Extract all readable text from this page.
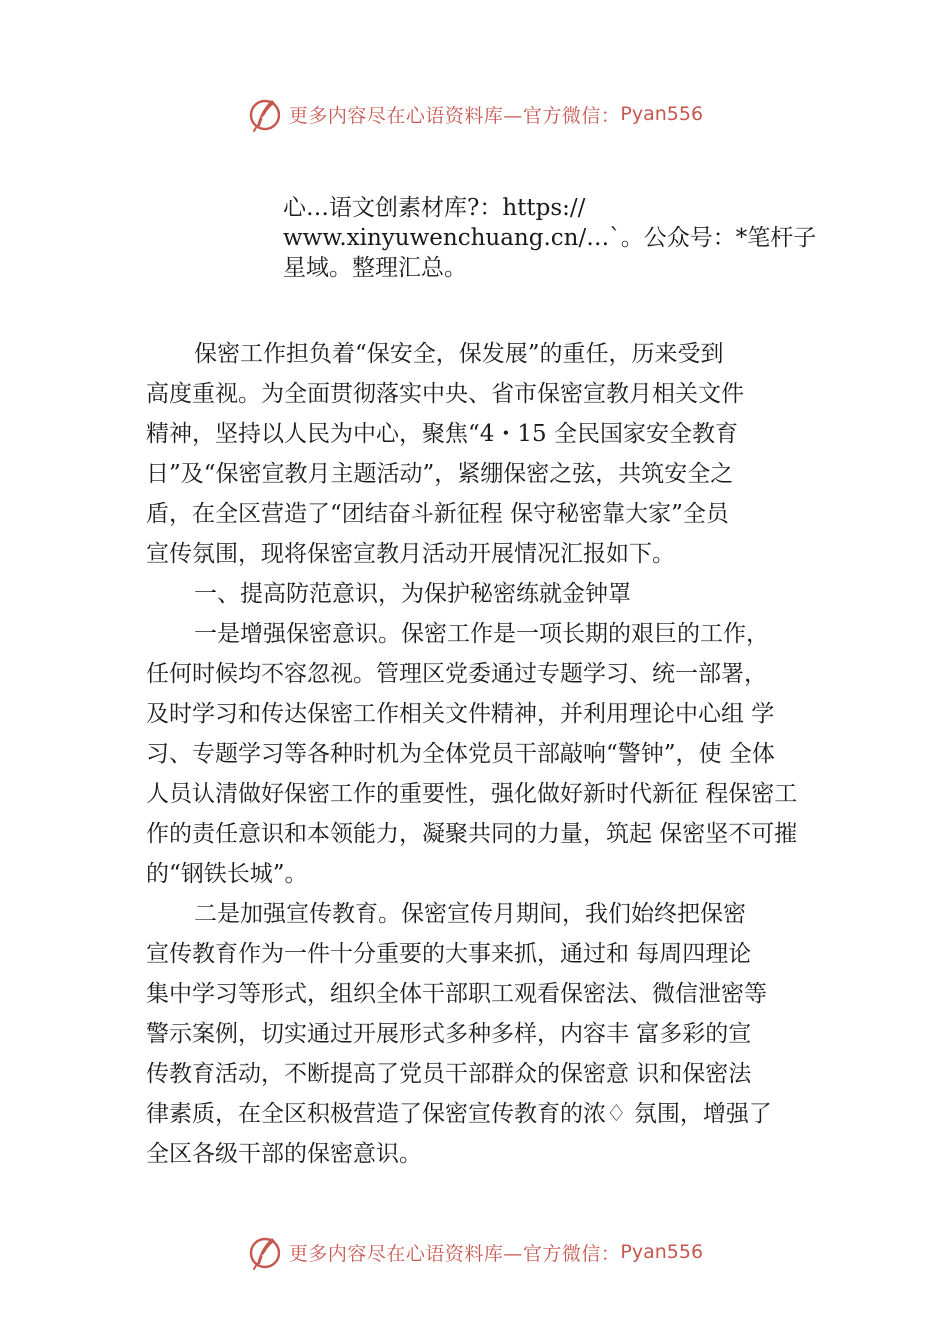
更多内容尽在心语资料库—官方微信： Pyan556
心…语文创素材库?：https://
www.xinyuwenchuang.cn/…`。公众号：*笔杆子
星域。整理汇总。
保密工作担负着“保安全，保发展”的重任，历来受到
高度重视。为全面贯彻落实中央、省市保密宣教月相关文件
精神，坚持以人民为中心，聚焦“4・15 全民国家安全教育
日”及“保密宣教月主题活动”，紧绷保密之弦，共筑安全之
盾，在全区营造了“团结奋斗新征程 保守秘密靠大家”全员
宣传氛围，现将保密宣教月活动开展情况汇报如下。
一、提高防范意识，为保护秘密练就金钟罩
一是增强保密意识。保密工作是一项长期的艰巨的工作，
任何时候均不容忽视。管理区党委通过专题学习、统一部署，
及时学习和传达保密工作相关文件精神，并利用理论中心组 学
习、专题学习等各种时机为全体党员干部敲响“警钟”，使 全体
人员认清做好保密工作的重要性，强化做好新时代新征 程保密工
作的责任意识和本领能力，凝聚共同的力量，筑起 保密坚不可摧
的“钢铁长城”。
二是加强宣传教育。保密宣传月期间，我们始终把保密
宣传教育作为一件十分重要的大事来抓，通过和 每周四理论
集中学习等形式，组织全体干部职工观看保密法、微信泄密等
警示案例，切实通过开展形式多种多样，内容丰 富多彩的宣
传教育活动，不断提高了党员干部群众的保密意 识和保密法
律素质，在全区积极营造了保密宣传教育的浓♢ 氛围，增强了
全区各级干部的保密意识。
更多内容尽在心语资料库—官方微信： Pyan556
